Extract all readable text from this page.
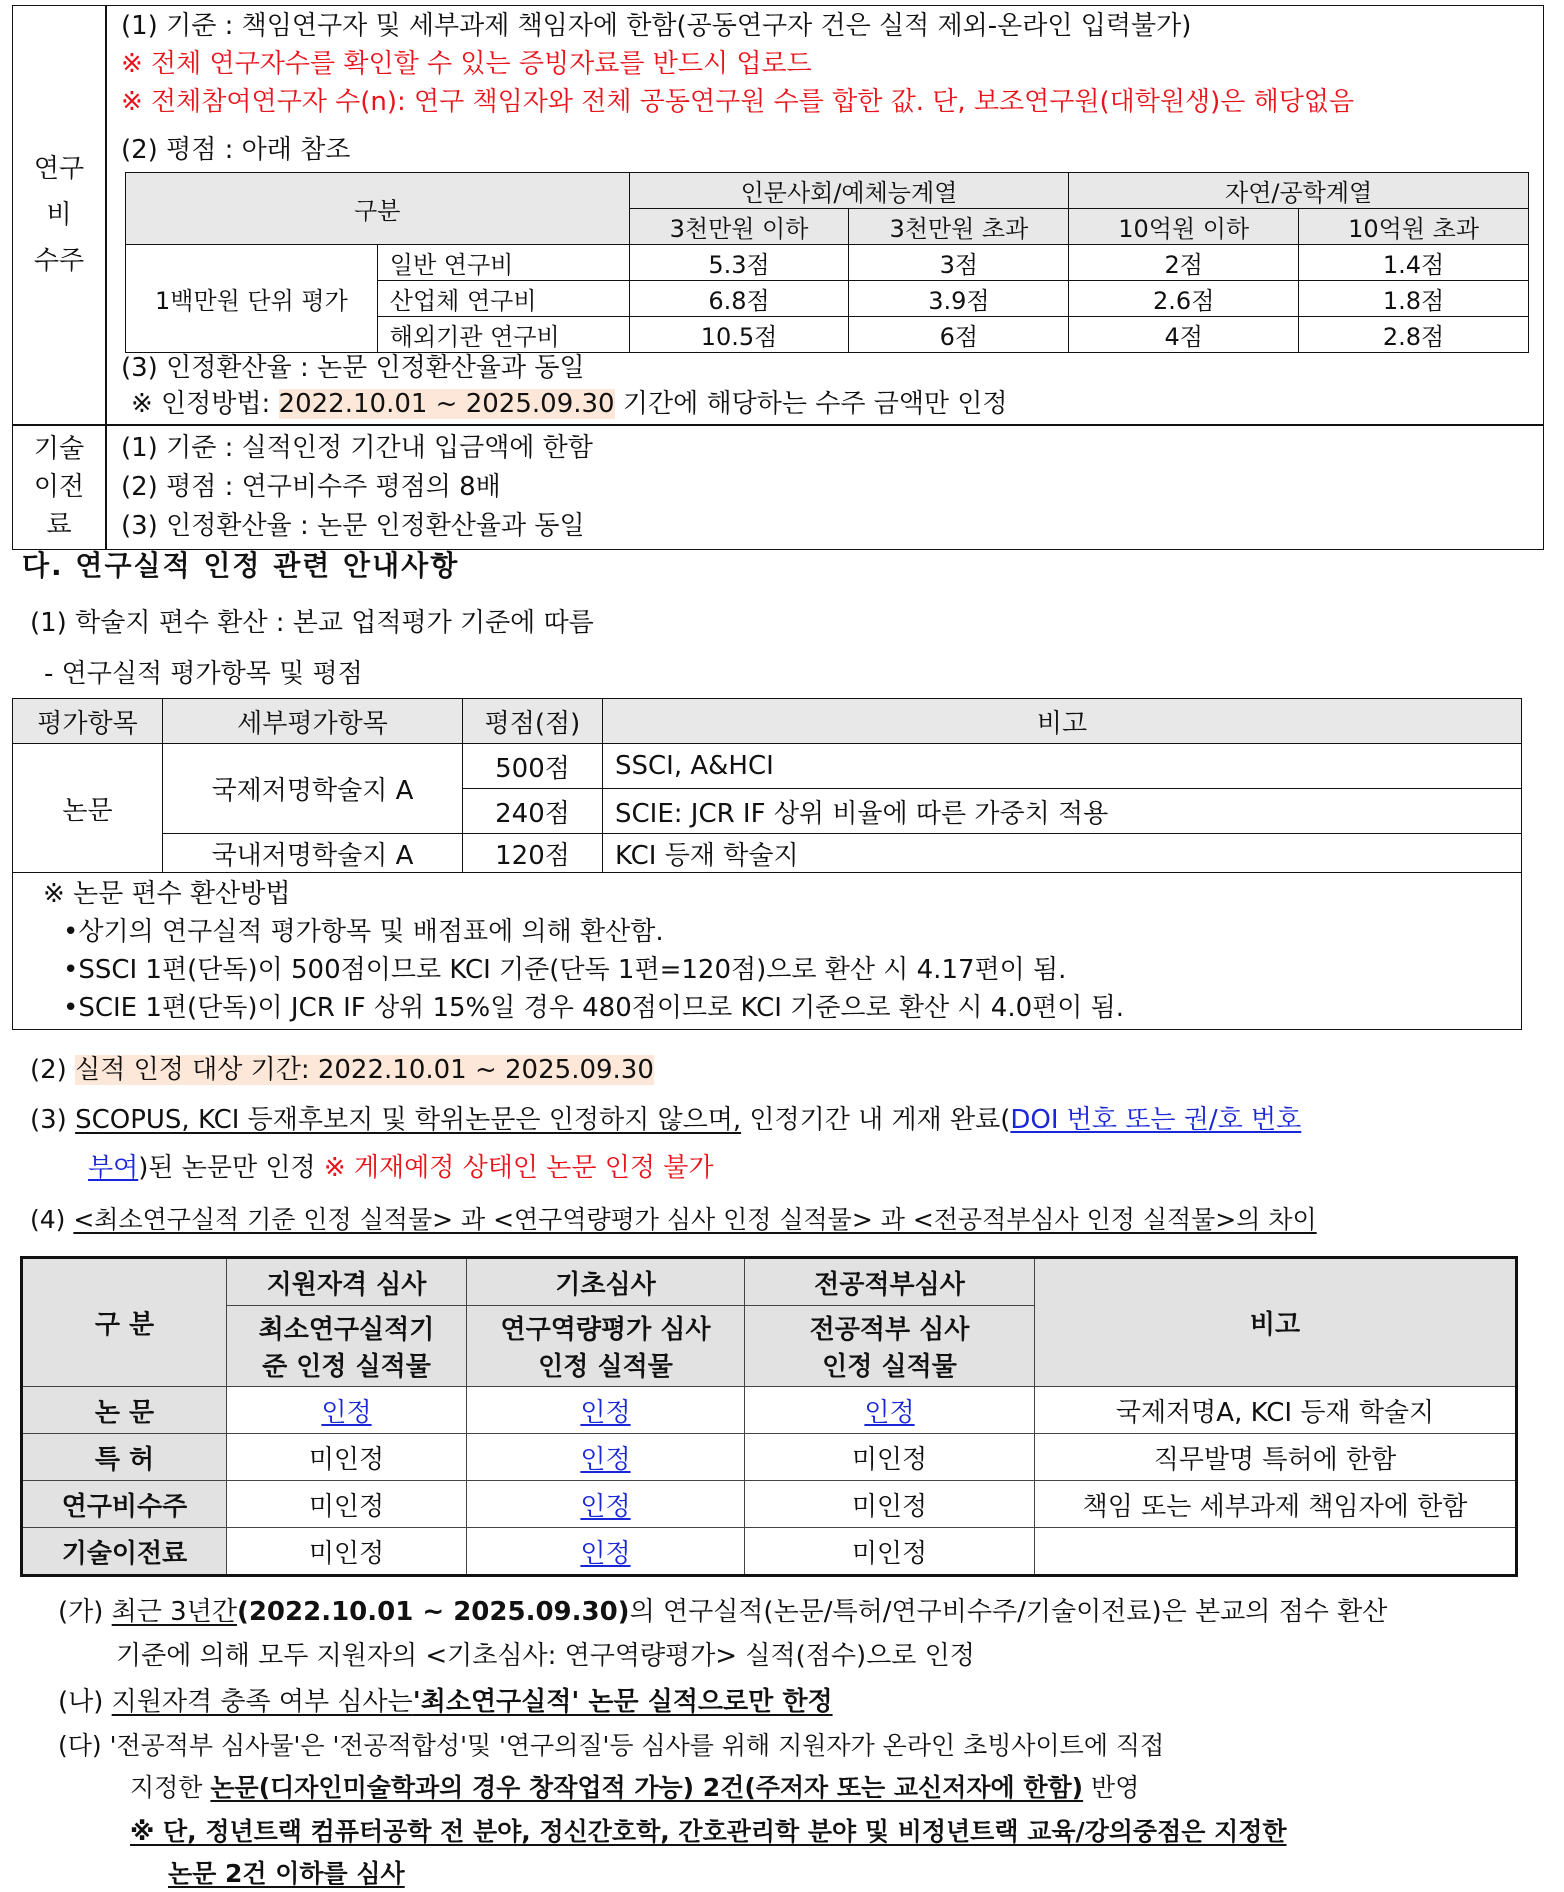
연구
비
수주
(1) 기준 : 책임연구자 및 세부과제 책임자에 한함(공동연구자 건은 실적 제외-온라인 입력불가)
※ 전체 연구자수를 확인할 수 있는 증빙자료를 반드시 업로드
※ 전체참여연구자 수(n): 연구 책임자와 전체 공동연구원 수를 합한 값. 단, 보조연구원(대학원생)은 해당없음
(2) 평점 : 아래 참조
구분		인문사회/예체능계열		자연/공학계열	
		3천만원 이하	3천만원 초과	10억원 이하	10억원 초과
1백만원 단위 평가	일반 연구비	5.3점	3점	2점	1.4점
	산업체 연구비	6.8점	3.9점	2.6점	1.8점
	해외기관 연구비	10.5점	6점	4점	2.8점
(3) 인정환산율 : 논문 인정환산율과 동일
※ 인정방법: 2022.10.01 ~ 2025.09.30 기간에 해당하는 수주 금액만 인정
기술
이전
료
(1) 기준 : 실적인정 기간내 입금액에 한함
(2) 평점 : 연구비수주 평점의 8배
(3) 인정환산율 : 논문 인정환산율과 동일
다. 연구실적 인정 관련 안내사항
(1) 학술지 편수 환산 : 본교 업적평가 기준에 따름
- 연구실적 평가항목 및 평점
평가항목	세부평가항목	평점(점)	비고
논문	국제저명학술지 A	500점	SSCI, A&HCI
		240점	SCIE: JCR IF 상위 비율에 따른 가중치 적용
	국내저명학술지 A	120점	KCI 등재 학술지

※ 논문 편수 환산방법
•상기의 연구실적 평가항목 및 배점표에 의해 환산함.
•SSCI 1편(단독)이 500점이므로 KCI 기준(단독 1편=120점)으로 환산 시 4.17편이 됨.
•SCIE 1편(단독)이 JCR IF 상위 15%일 경우 480점이므로 KCI 기준으로 환산 시 4.0편이 됨.			
(2) 실적 인정 대상 기간: 2022.10.01 ~ 2025.09.30
(3) SCOPUS, KCI 등재후보지 및 학위논문은 인정하지 않으며, 인정기간 내 게재 완료(DOI 번호 또는 권/호 번호
부여)된 논문만 인정 ※ 게재예정 상태인 논문 인정 불가
(4) <최소연구실적 기준 인정 실적물> 과 <연구역량평가 심사 인정 실적물> 과 <전공적부심사 인정 실적물>의 차이
구 분	지원자격 심사	기초심사	전공적부심사	비고
	최소연구실적기준 인정 실적물	연구역량평가 심사 인정 실적물	전공적부 심사 인정 실적물	
논 문	인정	인정	인정	국제저명A, KCI 등재 학술지
특 허	미인정	인정	미인정	직무발명 특허에 한함
연구비수주	미인정	인정	미인정	책임 또는 세부과제 책임자에 한함
기술이전료	미인정	인정	미인정	
(가) 최근 3년간(2022.10.01 ~ 2025.09.30)의 연구실적(논문/특허/연구비수주/기술이전료)은 본교의 점수 환산
기준에 의해 모두 지원자의 <기초심사: 연구역량평가> 실적(점수)으로 인정
(나) 지원자격 충족 여부 심사는'최소연구실적' 논문 실적으로만 한정
(다) '전공적부 심사물'은 '전공적합성'및 '연구의질'등 심사를 위해 지원자가 온라인 초빙사이트에 직접
지정한 논문(디자인미술학과의 경우 창작업적 가능) 2건(주저자 또는 교신저자에 한함) 반영
※ 단, 정년트랙 컴퓨터공학 전 분야, 정신간호학, 간호관리학 분야 및 비정년트랙 교육/강의중점은 지정한
논문 2건 이하를 심사
